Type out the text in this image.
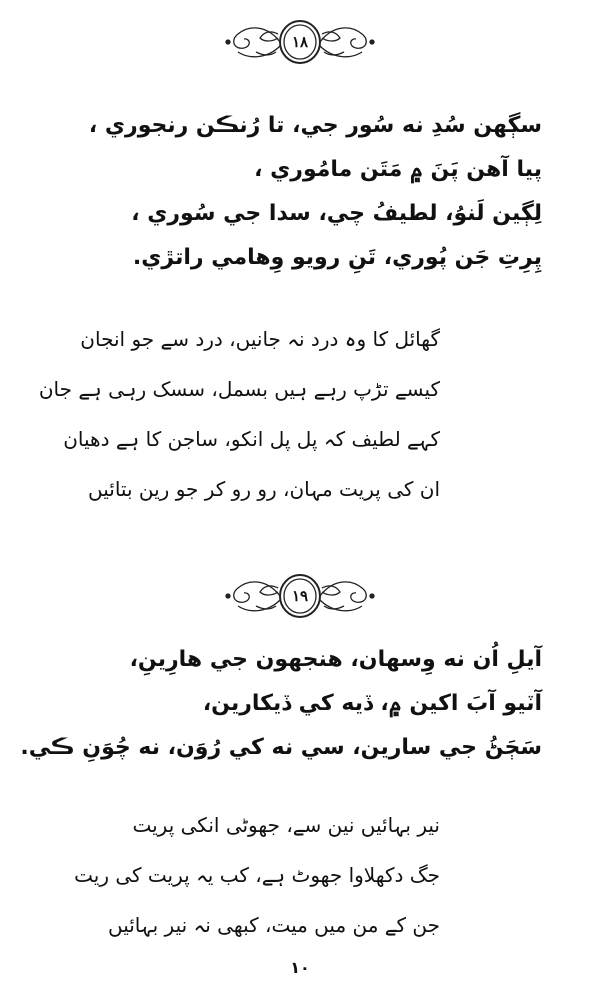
۱۸
سڳهن سُدِ نه سُور جي، تا رُنڪن رنجوري ،
پيا آهن پَنَ ۾ مَتَن مامُوري ،
لِڳين لَنوُ، لطيفُ چي، سدا جي سُوري ،
پِرِتِ جَن پُوري، تَنِ رويو وِهامي راتڙي.
گھائل کا وہ درد نہ جانیں، درد سے جو انجان
کیسے تڑپ رہے ہیں بسمل، سسک رہی ہے جان
کہے لطیف کہ پل پل انکو، ساجن کا ہے دھیان
ان کی پریت مہان، رو رو کر جو رین بتائیں
۱۹
آيلِ اُن نه وِسهان، هنجهون جي هارِينِ،
آٽيو آبَ اکين ۾، ڏيه کي ڏيکارين،
سَڄَڻُ جي سارين، سي نه کي رُوَن، نه چُوَنِ ڪي.
نیر بہائیں نین سے، جھوٹی انکی پریت
جگ دکھلاوا جھوٹ ہے، کب یہ پریت کی ریت
جن کے من میں میت، کبھی نہ نیر بہائیں
۱۰
